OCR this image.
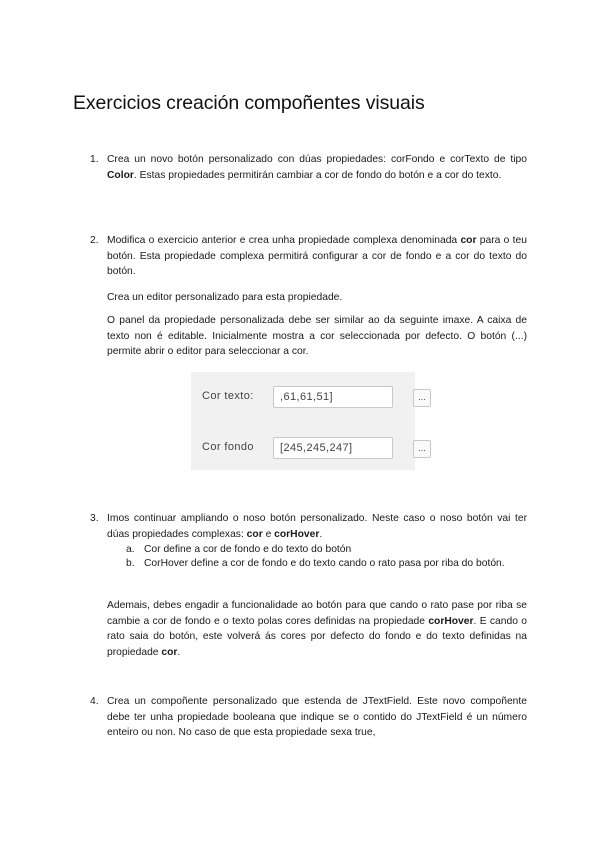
Exercicios creación compoñentes visuais
1. Crea un novo botón personalizado con dúas propiedades: corFondo e corTexto de tipo Color. Estas propiedades permitirán cambiar a cor de fondo do botón e a cor do texto.

2. Modifica o exercicio anterior e crea unha propiedade complexa denominada cor para o teu botón. Esta propiedade complexa permitirá configurar a cor de fondo e a cor do texto do botón.

Crea un editor personalizado para esta propiedade.

O panel da propiedade personalizada debe ser similar ao da seguinte imaxe. A caixa de texto non é editable. Inicialmente mostra a cor seleccionada por defecto. O botón (...) permite abrir o editor para seleccionar a cor.

Cor texto:	,61,61,51]	...
Cor fondo	[245,245,247]	...
3. Imos continuar ampliando o noso botón personalizado. Neste caso o noso botón vai ter dúas propiedades complexas: cor e corHover.

a. Cor define a cor de fondo e do texto do botón

b. CorHover define a cor de fondo e do texto cando o rato pasa por riba do botón.

Ademais, debes engadir a funcionalidade ao botón para que cando o rato pase por riba se cambie a cor de fondo e o texto polas cores definidas na propiedade corHover. E cando o rato saia do botón, este volverá ás cores por defecto do fondo e do texto definidas na propiedade cor.

4. Crea un compoñente personalizado que estenda de JTextField. Este novo compoñente debe ter unha propiedade booleana que indique se o contido do JTextField é un número enteiro ou non. No caso de que esta propiedade sexa true,
